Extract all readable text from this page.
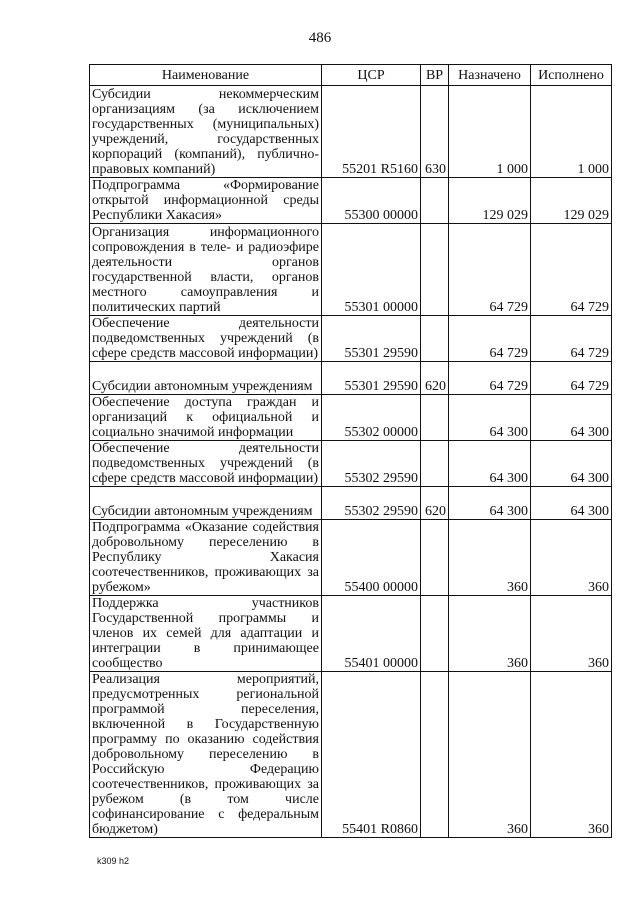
486
Наименование	ЦСР	ВР	Назначено	Исполнено
Субсидии некоммерческим организациям (за исключением государственных (муниципальных) учреждений, государственных корпораций (компаний), публично-правовых компаний)	55201 R5160	630	1 000	1 000
Подпрограмма «Формирование открытой информационной среды Республики Хакасия»	55300 00000		129 029	129 029
Организация информационного сопровождения в теле- и радиоэфире деятельности органов государственной власти, органов местного самоуправления и политических партий	55301 00000		64 729	64 729
Обеспечение деятельности подведомственных учреждений (в сфере средств массовой информации)	55301 29590		64 729	64 729
Субсидии автономным учреждениям	55301 29590	620	64 729	64 729
Обеспечение доступа граждан и организаций к официальной и социально значимой информации	55302 00000		64 300	64 300
Обеспечение деятельности подведомственных учреждений (в сфере средств массовой информации)	55302 29590		64 300	64 300
Субсидии автономным учреждениям	55302 29590	620	64 300	64 300
Подпрограмма «Оказание содействия добровольному переселению в Республику Хакасия соотечественников, проживающих за рубежом»	55400 00000		360	360
Поддержка участников Государственной программы и членов их семей для адаптации и интеграции в принимающее сообщество	55401 00000		360	360
Реализация мероприятий, предусмотренных региональной программой переселения, включенной в Государственную программу по оказанию содействия добровольному переселению в Российскую Федерацию соотечественников, проживающих за рубежом (в том числе софинансирование с федеральным бюджетом)	55401 R0860		360	360
k309 h2
